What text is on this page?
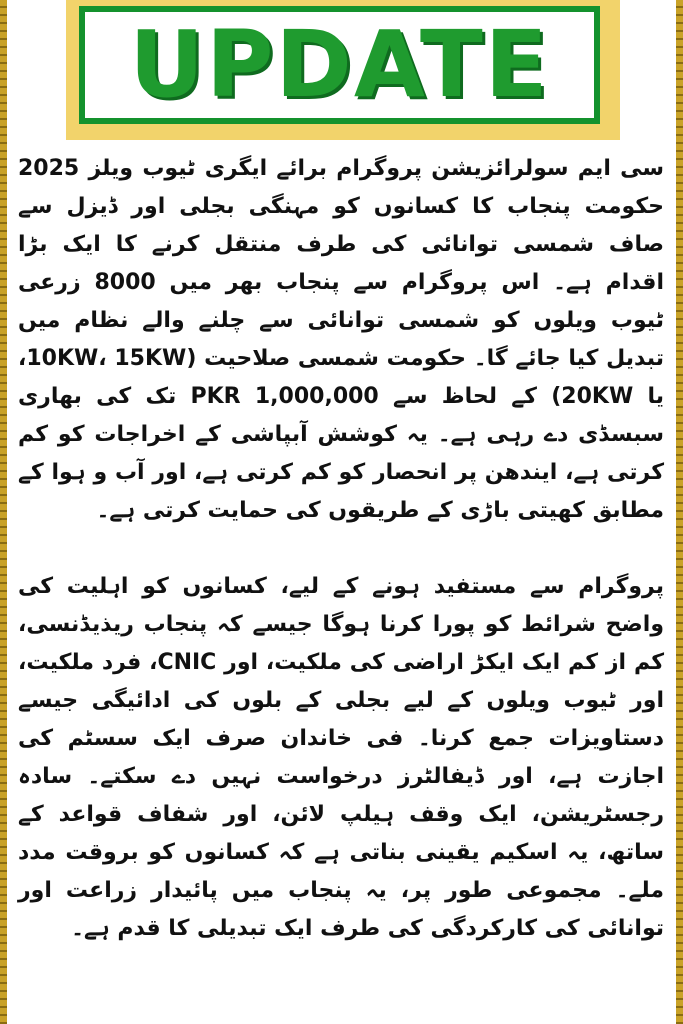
UPDATE

سی ایم سولرائزیشن پروگرام برائے ایگری ٹیوب ویلز 2025 حکومت پنجاب کا کسانوں کو مہنگی بجلی اور ڈیزل سے صاف شمسی توانائی کی طرف منتقل کرنے کا ایک بڑا اقدام ہے۔ اس پروگرام سے پنجاب بھر میں 8000 زرعی ٹیوب ویلوں کو شمسی توانائی سے چلنے والے نظام میں تبدیل کیا جائے گا۔ حکومت شمسی صلاحیت (10KW، 15KW، یا 20KW) کے لحاظ سے PKR 1,000,000 تک کی بھاری سبسڈی دے رہی ہے۔ یہ کوشش آبپاشی کے اخراجات کو کم کرتی ہے، ایندھن پر انحصار کو کم کرتی ہے، اور آب و ہوا کے مطابق کھیتی باڑی کے طریقوں کی حمایت کرتی ہے۔

پروگرام سے مستفید ہونے کے لیے، کسانوں کو اہلیت کی واضح شرائط کو پورا کرنا ہوگا جیسے کہ پنجاب ریذیڈنسی، کم از کم ایک ایکڑ اراضی کی ملکیت، اور CNIC، فرد ملکیت، اور ٹیوب ویلوں کے لیے بجلی کے بلوں کی ادائیگی جیسے دستاویزات جمع کرنا۔ فی خاندان صرف ایک سسٹم کی اجازت ہے، اور ڈیفالٹرز درخواست نہیں دے سکتے۔ سادہ رجسٹریشن، ایک وقف ہیلپ لائن، اور شفاف قواعد کے ساتھ، یہ اسکیم یقینی بناتی ہے کہ کسانوں کو بروقت مدد ملے۔ مجموعی طور پر، یہ پنجاب میں پائیدار زراعت اور توانائی کی کارکردگی کی طرف ایک تبدیلی کا قدم ہے۔
